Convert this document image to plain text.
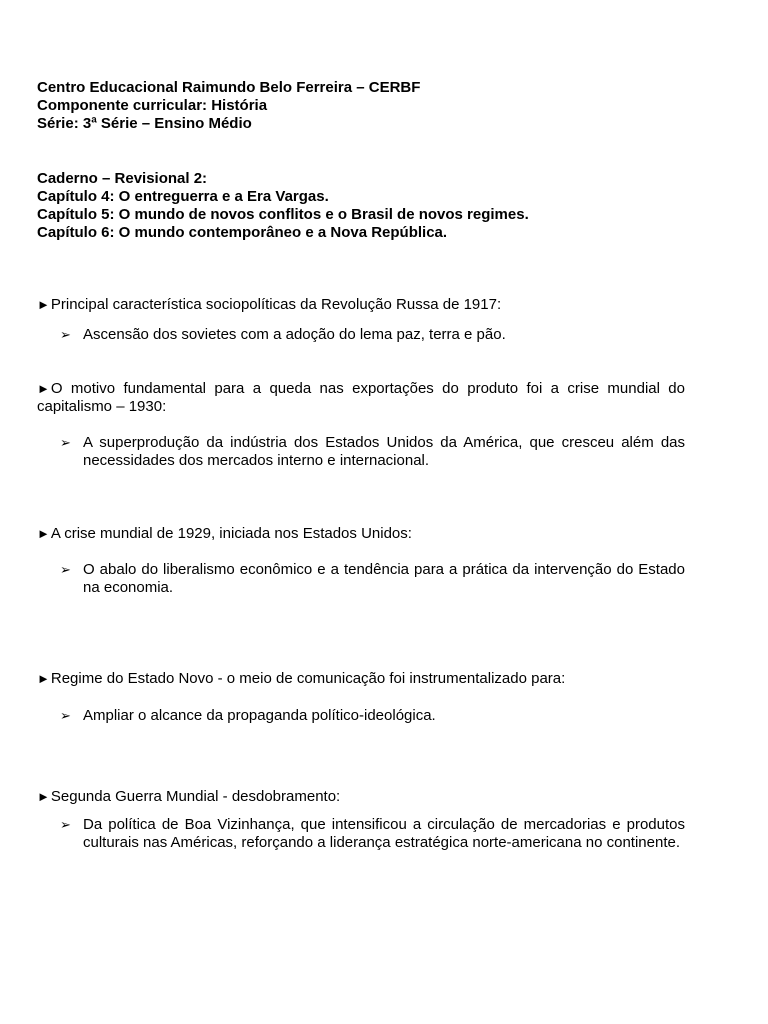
Centro Educacional Raimundo Belo Ferreira – CERBF
Componente curricular: História
Série: 3ª Série – Ensino Médio
Caderno – Revisional 2:
Capítulo 4: O entreguerra e a Era Vargas.
Capítulo 5: O mundo de novos conflitos e o Brasil de novos regimes.
Capítulo 6: O mundo contemporâneo e a Nova República.
►Principal característica sociopolíticas da Revolução Russa de 1917:
➢ Ascensão dos sovietes com a adoção do lema paz, terra e pão.
►O motivo fundamental para a queda nas exportações do produto foi a crise mundial do capitalismo – 1930:
➢ A superprodução da indústria dos Estados Unidos da América, que cresceu além das necessidades dos mercados interno e internacional.
►A crise mundial de 1929, iniciada nos Estados Unidos:
➢ O abalo do liberalismo econômico e a tendência para a prática da intervenção do Estado na economia.
►Regime do Estado Novo - o meio de comunicação foi instrumentalizado para:
➢ Ampliar o alcance da propaganda político-ideológica.
►Segunda Guerra Mundial - desdobramento:
➢ Da política de Boa Vizinhança, que intensificou a circulação de mercadorias e produtos culturais nas Américas, reforçando a liderança estratégica norte-americana no continente.
